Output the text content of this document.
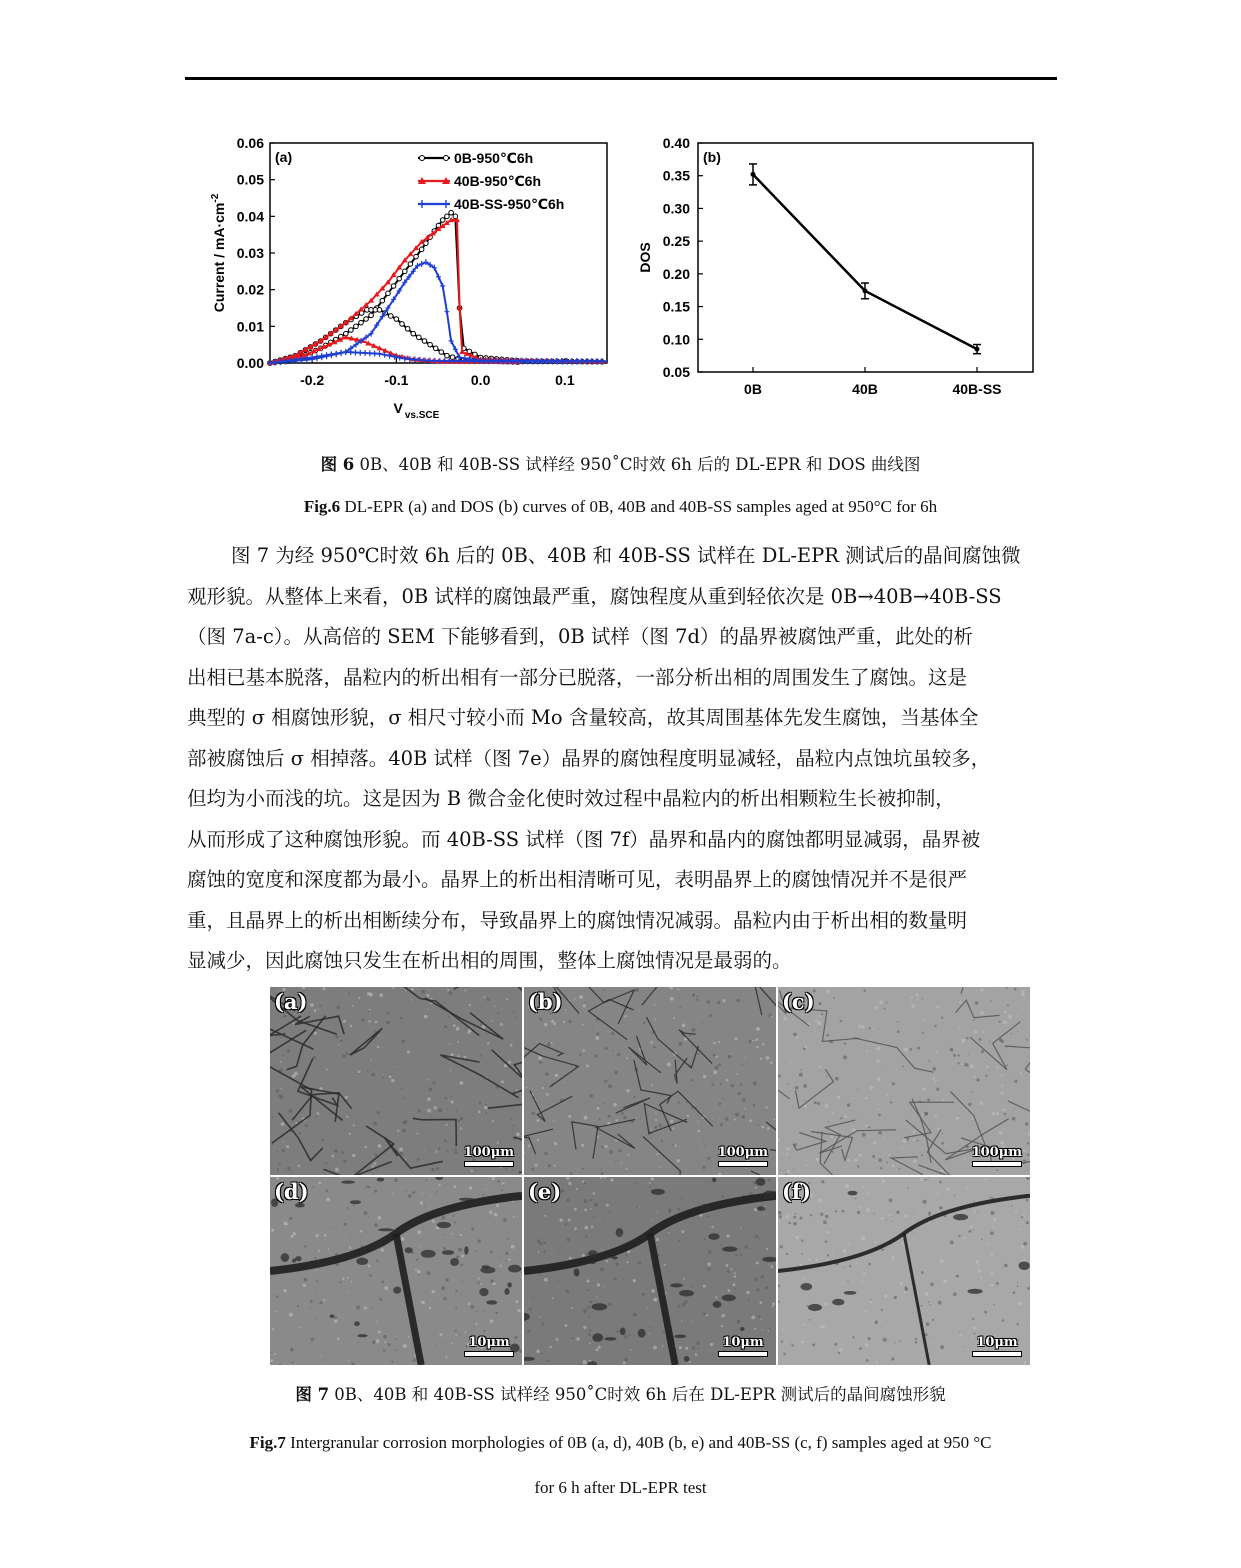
0.00
0.01
0.02
0.03
0.04
0.05
0.06
-0.2	-0.1	0.0	0.1
Current / $mA\cdot cm^{-2}$
V $_{vs.SCE}$
(a)	0B-950℃6h
40B-950℃6h
40B-SS-950℃6h
0.05
0.10
0.15
0.20
0.25
0.30
0.35
0.40
0B	40B	40B-SS
DOS
(b)
图 6 0B、40B 和 40B-SS 试样经 950˚C时效 6h 后的 DL-EPR 和 DOS 曲线图
Fig.6 DL-EPR (a) and DOS (b) curves of 0B, 40B and 40B-SS samples aged at 950°C for 6h
图 7 为经 950℃时效 6h 后的 0B、40B 和 40B-SS 试样在 DL-EPR 测试后的晶间腐蚀微
观形貌。从整体上来看，0B 试样的腐蚀最严重，腐蚀程度从重到轻依次是 0B→40B→40B-SS
（图 7a-c）。从高倍的 SEM 下能够看到，0B 试样（图 7d）的晶界被腐蚀严重，此处的析
出相已基本脱落，晶粒内的析出相有一部分已脱落，一部分析出相的周围发生了腐蚀。这是
典型的 σ 相腐蚀形貌，σ 相尺寸较小而 Mo 含量较高，故其周围基体先发生腐蚀，当基体全
部被腐蚀后 σ 相掉落。40B 试样（图 7e）晶界的腐蚀程度明显减轻，晶粒内点蚀坑虽较多，
但均为小而浅的坑。这是因为 B 微合金化使时效过程中晶粒内的析出相颗粒生长被抑制，
从而形成了这种腐蚀形貌。而 40B-SS 试样（图 7f）晶界和晶内的腐蚀都明显减弱，晶界被
腐蚀的宽度和深度都为最小。晶界上的析出相清晰可见，表明晶界上的腐蚀情况并不是很严
重，且晶界上的析出相断续分布，导致晶界上的腐蚀情况减弱。晶粒内由于析出相的数量明
显减少，因此腐蚀只发生在析出相的周围，整体上腐蚀情况是最弱的。
(a)
100μm
(b)
100μm
(c)
100μm
(d)
10μm
(e)
10μm
(f)
10μm
图 7 0B、40B 和 40B-SS 试样经 950˚C时效 6h 后在 DL-EPR 测试后的晶间腐蚀形貌
Fig.7 Intergranular corrosion morphologies of 0B (a, d), 40B (b, e) and 40B-SS (c, f) samples aged at 950 °C
for 6 h after DL-EPR test
